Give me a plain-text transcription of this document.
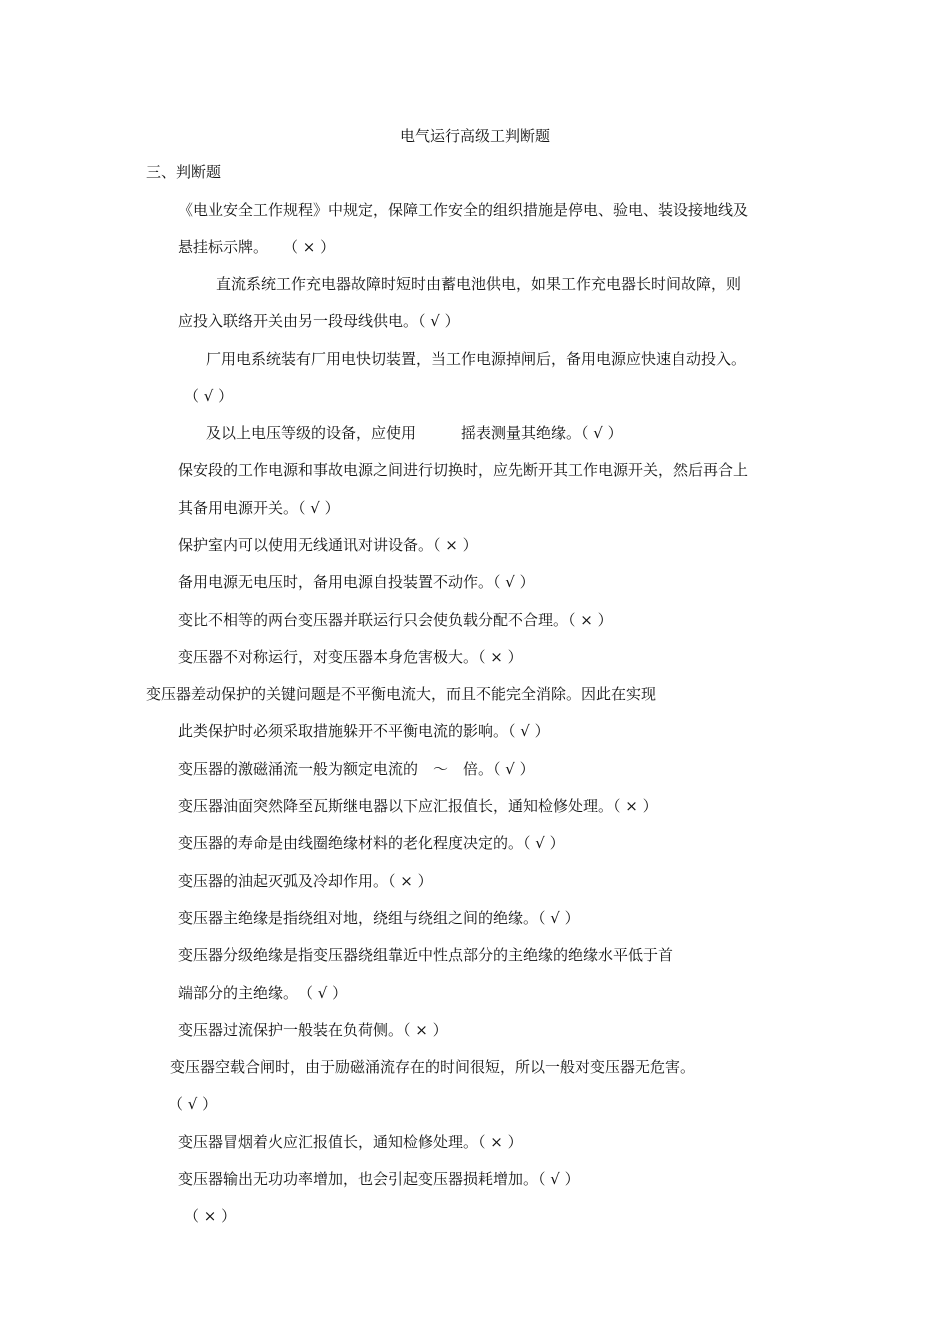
电气运行高级工判断题
三、判断题
《电业安全工作规程》中规定，保障工作安全的组织措施是停电、验电、装设接地线及
悬挂标示牌。　　（ × ）
直流系统工作充电器故障时短时由蓄电池供电，如果工作充电器长时间故障，则
应投入联络开关由另一段母线供电。（ √ ）
厂用电系统装有厂用电快切装置，当工作电源掉闸后，备用电源应快速自动投入。
（ √ ）
及以上电压等级的设备，应使用　　　摇表测量其绝缘。（ √ ）
保安段的工作电源和事故电源之间进行切换时，应先断开其工作电源开关，然后再合上
其备用电源开关。（ √ ）
保护室内可以使用无线通讯对讲设备。（ × ）
备用电源无电压时，备用电源自投装置不动作。（ √ ）
变比不相等的两台变压器并联运行只会使负载分配不合理。（ × ）
变压器不对称运行，对变压器本身危害极大。（ × ）
变压器差动保护的关键问题是不平衡电流大，而且不能完全消除。因此在实现
此类保护时必须采取措施躲开不平衡电流的影响。（ √ ）
变压器的激磁涌流一般为额定电流的　～　倍。（ √ ）
变压器油面突然降至瓦斯继电器以下应汇报值长，通知检修处理。（ × ）
变压器的寿命是由线圈绝缘材料的老化程度决定的。（ √ ）
变压器的油起灭弧及冷却作用。（ × ）
变压器主绝缘是指绕组对地，绕组与绕组之间的绝缘。（ √ ）
变压器分级绝缘是指变压器绕组靠近中性点部分的主绝缘的绝缘水平低于首
端部分的主绝缘。　（ √ ）
变压器过流保护一般装在负荷侧。（ × ）
变压器空载合闸时，由于励磁涌流存在的时间很短，所以一般对变压器无危害。
（ √ ）
变压器冒烟着火应汇报值长，通知检修处理。（ × ）
变压器输出无功功率增加，也会引起变压器损耗增加。（ √ ）
（ × ）
